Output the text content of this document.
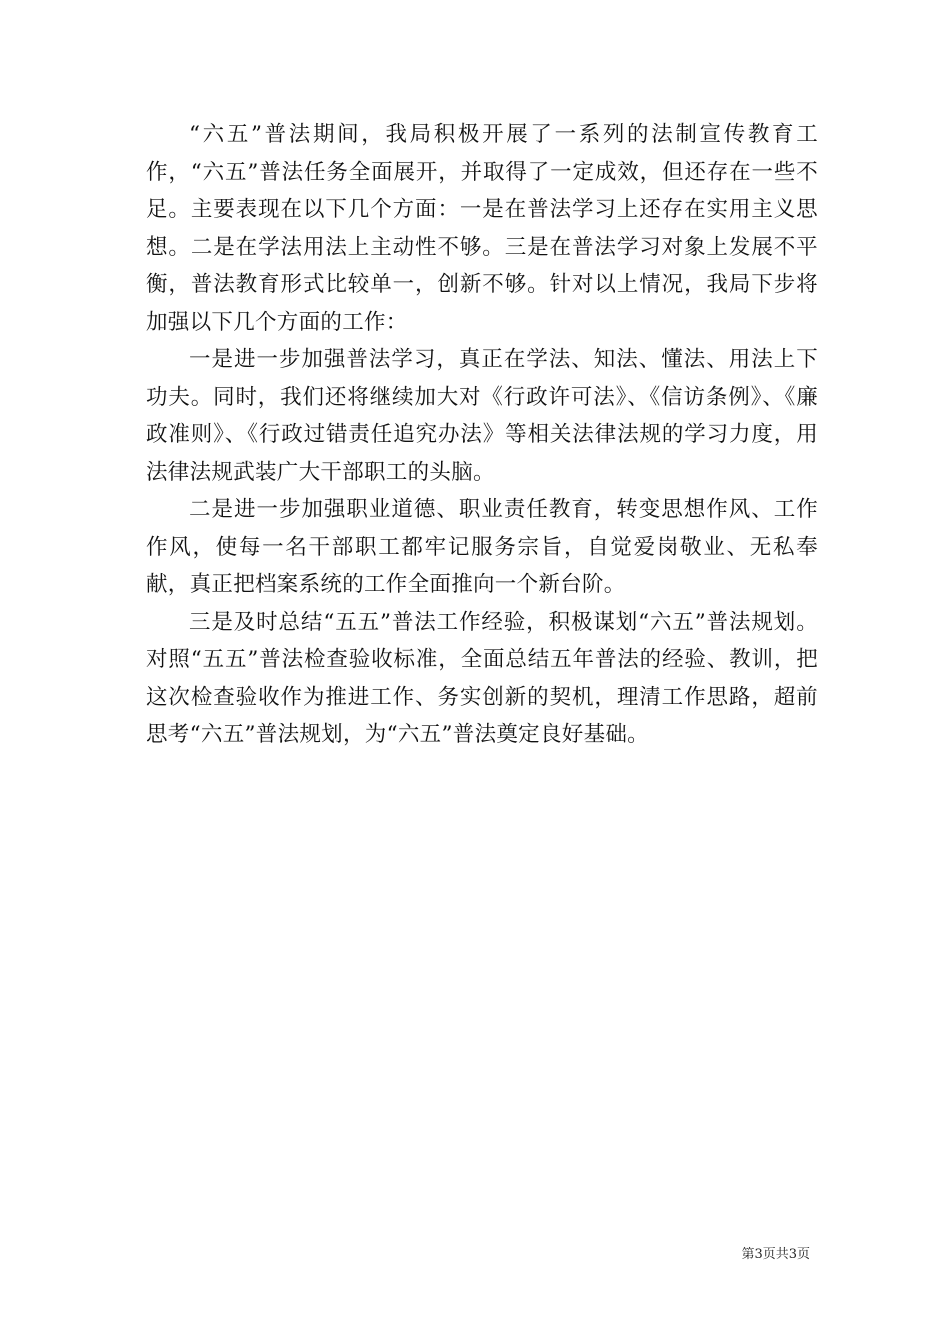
“六五”普法期间，我局积极开展了一系列的法制宣传教育工作，“六五”普法任务全面展开，并取得了一定成效，但还存在一些不足。主要表现在以下几个方面：一是在普法学习上还存在实用主义思想。二是在学法用法上主动性不够。三是在普法学习对象上发展不平衡，普法教育形式比较单一，创新不够。针对以上情况，我局下步将加强以下几个方面的工作：

一是进一步加强普法学习，真正在学法、知法、懂法、用法上下功夫。同时，我们还将继续加大对《行政许可法》、《信访条例》、《廉政准则》、《行政过错责任追究办法》等相关法律法规的学习力度，用法律法规武装广大干部职工的头脑。

二是进一步加强职业道德、职业责任教育，转变思想作风、工作作风，使每一名干部职工都牢记服务宗旨，自觉爱岗敬业、无私奉献，真正把档案系统的工作全面推向一个新台阶。

三是及时总结“五五”普法工作经验，积极谋划“六五”普法规划。对照“五五”普法检查验收标准，全面总结五年普法的经验、教训，把这次检查验收作为推进工作、务实创新的契机，理清工作思路，超前思考“六五”普法规划，为“六五”普法奠定良好基础。

第3页共3页
